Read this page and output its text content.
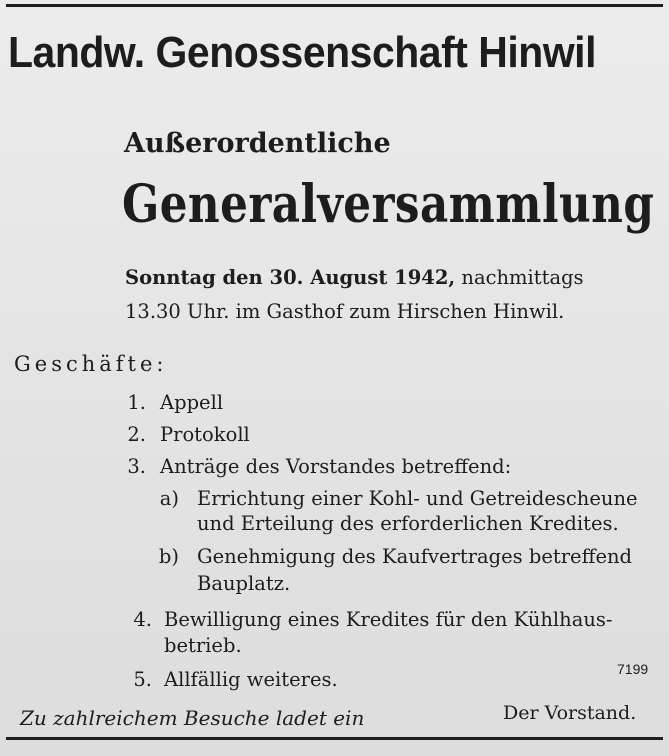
Landw. Genossenschaft Hinwil
Außerordentliche
Generalversammlung
Sonntag den 30. August 1942, nachmittags
13.30 Uhr. im Gasthof zum Hirschen Hinwil.
Geschäfte:
1. Appell
2. Protokoll
3. Anträge des Vorstandes betreffend:
a) Errichtung einer Kohl- und Getreidescheune
und Erteilung des erforderlichen Kredites.
b) Genehmigung des Kaufvertrages betreffend
Bauplatz.
4. Bewilligung eines Kredites für den Kühlhaus-
betrieb.
5. Allfällig weiteres.	7199
Zu zahlreichem Besuche ladet ein	Der Vorstand.
